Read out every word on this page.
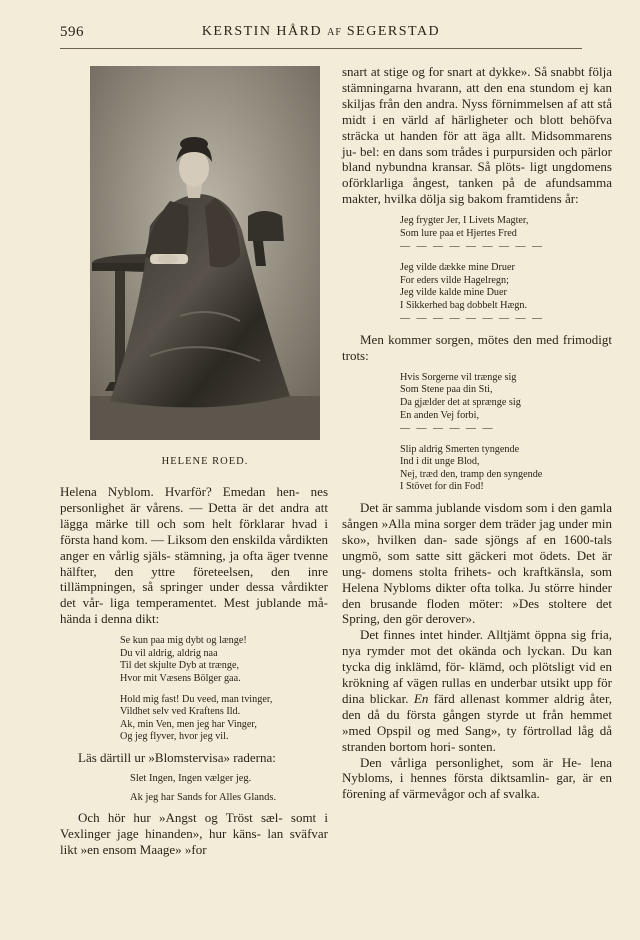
596	KERSTIN HÅRD AF SEGERSTAD
HELENE ROED.

Helena Nyblom. Hvarför? Emedan hen- nes personlighet är vårens. — Detta är det andra att lägga märke till och som helt förklarar hvad i första hand kom. — Liksom den enskilda vårdikten anger en vårlig själs- stämning, ja ofta äger tvenne hälfter, den yttre företeelsen, den inre tillämpningen, så springer under dessa vårdikter det vår- liga temperamentet. Mest jublande må- hända i denna dikt:

Se kun paa mig dybt og længe!
Du vil aldrig, aldrig naa
Til det skjulte Dyb at trænge,
Hvor mit Væsens Bölger gaa.
Hold mig fast! Du veed, man tvinger,
Vildhet selv ved Kraftens Ild.
Ak, min Ven, men jeg har Vinger,
Og jeg flyver, hvor jeg vil.

Läs därtill ur »Blomstervisa» raderna:

Slet Ingen, Ingen vælger jeg.
Ak jeg har Sands for Alles Glands.

Och hör hur »Angst og Tröst sæl- somt i Vexlinger jage hinanden», hur käns- lan sväfvar likt »en ensom Maage» »for

snart at stige og for snart at dykke». Så snabbt följa stämningarna hvarann, att den ena stundom ej kan skiljas från den andra. Nyss förnimmelsen af att stå midt i en värld af härligheter och blott behöfva sträcka ut handen för att äga allt. Midsommarens ju- bel: en dans som trådes i purpursiden och pärlor bland nybundna kransar. Så plöts- ligt ungdomens oförklarliga ångest, tanken på de afundsamma makter, hvilka dölja sig bakom framtidens år:

Jeg frygter Jer, I Livets Magter,
Som lure paa et Hjertes Fred
— — — — — — — — —
Jeg vilde dække mine Druer
For eders vilde Hagelregn;
Jeg vilde kalde mine Duer
I Sikkerhed bag dobbelt Hægn.
— — — — — — — — —

Men kommer sorgen, mötes den med frimodigt trots:

Hvis Sorgerne vil trænge sig
Som Stene paa din Sti,
Da gjælder det at sprænge sig
En anden Vej forbi,
— — — — — —
Slip aldrig Smerten tyngende
Ind i dit unge Blod,
Nej, træd den, tramp den syngende
I Stövet for din Fod!

Det är samma jublande visdom som i den gamla sången »Alla mina sorger dem träder jag under min sko», hvilken dan- sade sjöngs af en 1600-tals ungmö, som satte sitt gäckeri mot ödets. Det är ung- domens stolta frihets- och kraftkänsla, som Helena Nybloms dikter ofta tolka. Ju större hinder den brusande floden möter: »Des stoltere det Spring, den gör derover».

Det finnes intet hinder. Alltjämt öppna sig fria, nya rymder mot det okända och lyckan. Du kan tycka dig inklämd, för- klämd, och plötsligt vid en krökning af vägen rullas en underbar utsikt upp för dina blickar. En färd allenast kommer aldrig åter, den då du första gången styrde ut från hemmet »med Opspil og med Sang», ty förtrollad låg då stranden bortom hori- sonten.

Den vårliga personlighet, som är He- lena Nybloms, i hennes första diktsamlin- gar, är en förening af värmevågor och af svalka.
